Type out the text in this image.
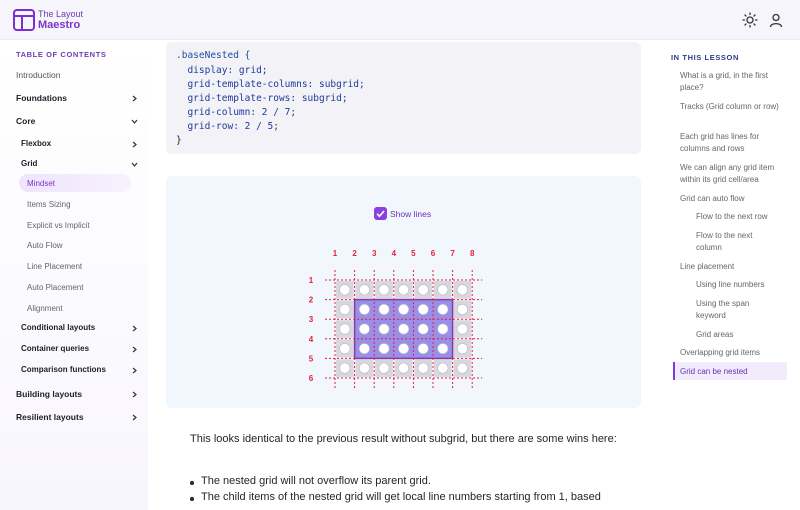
The Layout
Maestro
TABLE OF CONTENTS
Introduction
Foundations
Core
Flexbox
Grid
Mindset
Items Sizing
Explicit vs Implicit
Auto Flow
Line Placement
Auto Placement
Alignment
Conditional layouts
Container queries
Comparison functions
Building layouts
Resilient layouts
.baseNested {
display: grid;
grid-template-columns: subgrid;
grid-template-rows: subgrid;
grid-column: 2 / 7;
grid-row: 2 / 5;
}
Show lines
1 2 3 4 5 6 7 8
1
2
3
4
5
6
This looks identical to the previous result without subgrid, but there are some wins here:
The nested grid will not overflow its parent grid.
The child items of the nested grid will get local line numbers starting from 1, based
IN THIS LESSON
What is a grid, in the first place?
Tracks (Grid column or row)
Each grid has lines for columns and rows
We can align any grid item within its grid cell/area
Grid can auto flow
Flow to the next row
Flow to the next column
Line placement
Using line numbers
Using the span keyword
Grid areas
Overlapping grid items
Grid can be nested
